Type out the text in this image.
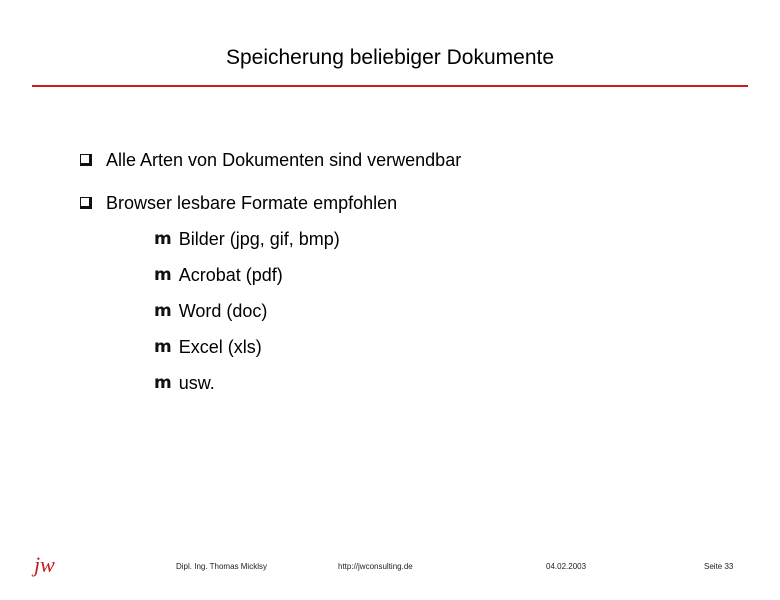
Speicherung beliebiger Dokumente
Alle Arten von Dokumenten sind verwendbar
Browser lesbare Formate empfohlen
m Bilder (jpg, gif, bmp)
m Acrobat (pdf)
m Word (doc)
m Excel (xls)
m usw.
jw	Dipl. Ing. Thomas Micklsy	http://jwconsulting.de	04.02.2003	Seite 33
